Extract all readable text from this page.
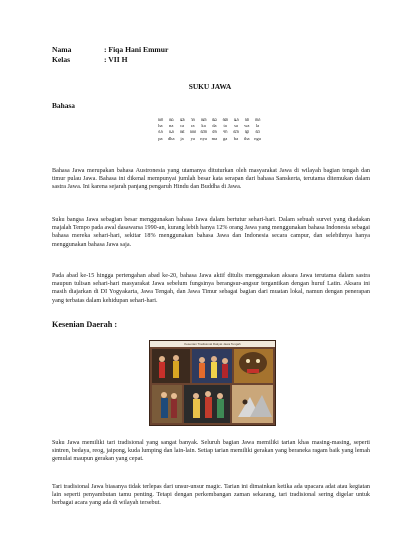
Nama	: Fiqa Hani Emmur
Kelas	: VII H
SUKU JAWA
Bahasa
ꦲ	ꦤ	ꦕ	ꦫ	ꦏ	ꦢ	ꦠ	ꦱ	ꦮ	ꦭ
ha	na	ca	ra	ka	da	ta	sa	wa	la
ꦥ	ꦝ	ꦗ	ꦪ ꦚ	ꦩ	ꦒ	ꦧ	ꦛ	ꦔ
pa	dha	ja	ya	nya	ma	ga	ba	tha	nga

Bahasa Jawa merupakan bahasa Austronesia yang utamanya dituturkan oleh masyarakat Jawa di wilayah bagian tengah dan timur pulau Jawa. Bahasa ini dikenal mempunyai jumlah besar kata serapan dari bahasa Sanskerta, terutama ditemukan dalam sastra Jawa. Ini karena sejarah panjang pengaruh Hindu dan Buddha di Jawa.

Suku bangsa Jawa sebagian besar menggunakan bahasa Jawa dalam bertutur sehari-hari. Dalam sebuah survei yang diadakan majalah Tempo pada awal dasawarsa 1990-an, kurang lebih hanya 12% orang Jawa yang menggunakan bahasa Indonesia sebagai bahasa mereka sehari-hari, sekitar 18% menggunakan bahasa Jawa dan Indonesia secara campur, dan selebihnya hanya menggunakan bahasa Jawa saja.

Pada abad ke-15 hingga pertengahan abad ke-20, bahasa Jawa aktif ditulis menggunakan aksara Jawa terutama dalam sastra maupun tulisan sehari-hari masyarakat Jawa sebelum fungsinya berangsur-angsur tergantikan dengan huruf Latin. Aksara ini masih diajarkan di DI Yogyakarta, Jawa Tengah, dan Jawa Timur sebagai bagian dari muatan lokal, namun dengan penerapan yang terbatas dalam kehidupan sehari-hari.

Kesenian Daerah :
Kesenian Tradisional Rakyat Jawa Tengah

Suku Jawa memiliki tari tradisional yang sangat banyak. Seluruh bagian Jawa memiliki tarian khas masing-masing, seperti sintren, bedaya, reog, jaipong, kuda lumping dan lain-lain. Setiap tarian memiliki gerakan yang beraneka ragam baik yang lemah gemulai maupun gerakan yang cepat.

Tari tradisional Jawa biasanya tidak terlepas dari unsur-unsur magic. Tarian ini dimainkan ketika ada upacara adat atau kegiatan lain seperti penyambutan tamu penting. Tetapi dengan perkembangan zaman sekarang, tari tradisional sering digelar untuk berbagai acara yang ada di wilayah tersebut.
